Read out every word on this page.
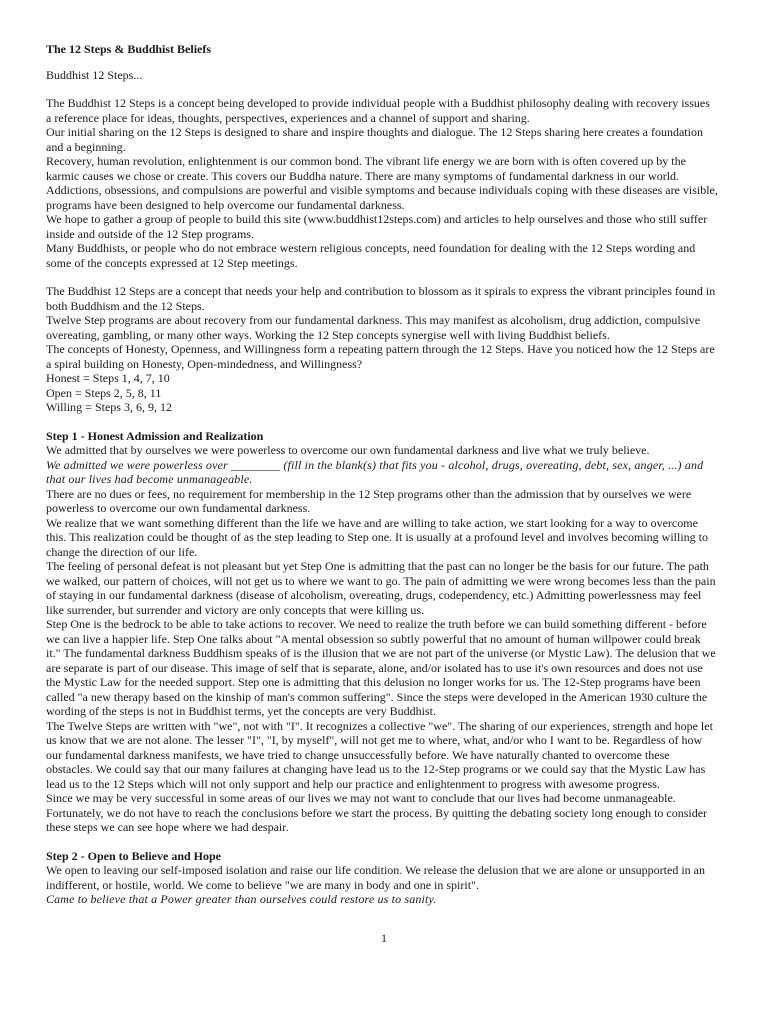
The 12 Steps & Buddhist Beliefs
Buddhist 12 Steps...

The Buddhist 12 Steps is a concept being developed to provide individual people with a Buddhist philosophy dealing with recovery issues a reference place for ideas, thoughts, perspectives, experiences and a channel of support and sharing.

Our initial sharing on the 12 Steps is designed to share and inspire thoughts and dialogue. The 12 Steps sharing here creates a foundation and a beginning.

Recovery, human revolution, enlightenment is our common bond. The vibrant life energy we are born with is often covered up by the karmic causes we chose or create. This covers our Buddha nature. There are many symptoms of fundamental darkness in our world. Addictions, obsessions, and compulsions are powerful and visible symptoms and because individuals coping with these diseases are visible, programs have been designed to help overcome our fundamental darkness.

We hope to gather a group of people to build this site (www.buddhist12steps.com) and articles to help ourselves and those who still suffer inside and outside of the 12 Step programs.

Many Buddhists, or people who do not embrace western religious concepts, need foundation for dealing with the 12 Steps wording and some of the concepts expressed at 12 Step meetings.

The Buddhist 12 Steps are a concept that needs your help and contribution to blossom as it spirals to express the vibrant principles found in both Buddhism and the 12 Steps.

Twelve Step programs are about recovery from our fundamental darkness. This may manifest as alcoholism, drug addiction, compulsive overeating, gambling, or many other ways. Working the 12 Step concepts synergise well with living Buddhist beliefs.

The concepts of Honesty, Openness, and Willingness form a repeating pattern through the 12 Steps. Have you noticed how the 12 Steps are a spiral building on Honesty, Open-mindedness, and Willingness?

Honest = Steps 1, 4, 7, 10

Open = Steps 2, 5, 8, 11

Willing = Steps 3, 6, 9, 12

Step 1 - Honest Admission and Realization

We admitted that by ourselves we were powerless to overcome our own fundamental darkness and live what we truly believe.

We admitted we were powerless over ________ (fill in the blank(s) that fits you - alcohol, drugs, overeating, debt, sex, anger, ...) and that our lives had become unmanageable.

There are no dues or fees, no requirement for membership in the 12 Step programs other than the admission that by ourselves we were powerless to overcome our own fundamental darkness.

We realize that we want something different than the life we have and are willing to take action, we start looking for a way to overcome this. This realization could be thought of as the step leading to Step one. It is usually at a profound level and involves becoming willing to change the direction of our life.

The feeling of personal defeat is not pleasant but yet Step One is admitting that the past can no longer be the basis for our future. The path we walked, our pattern of choices, will not get us to where we want to go. The pain of admitting we were wrong becomes less than the pain of staying in our fundamental darkness (disease of alcoholism, overeating, drugs, codependency, etc.) Admitting powerlessness may feel like surrender, but surrender and victory are only concepts that were killing us.

Step One is the bedrock to be able to take actions to recover. We need to realize the truth before we can build something different - before we can live a happier life. Step One talks about "A mental obsession so subtly powerful that no amount of human willpower could break it." The fundamental darkness Buddhism speaks of is the illusion that we are not part of the universe (or Mystic Law). The delusion that we are separate is part of our disease. This image of self that is separate, alone, and/or isolated has to use it's own resources and does not use the Mystic Law for the needed support. Step one is admitting that this delusion no longer works for us. The 12-Step programs have been called "a new therapy based on the kinship of man's common suffering". Since the steps were developed in the American 1930 culture the wording of the steps is not in Buddhist terms, yet the concepts are very Buddhist.

The Twelve Steps are written with "we", not with "I". It recognizes a collective "we". The sharing of our experiences, strength and hope let us know that we are not alone. The lesser "I", "I, by myself", will not get me to where, what, and/or who I want to be. Regardless of how our fundamental darkness manifests, we have tried to change unsuccessfully before. We have naturally chanted to overcome these obstacles. We could say that our many failures at changing have lead us to the 12-Step programs or we could say that the Mystic Law has lead us to the 12 Steps which will not only support and help our practice and enlightenment to progress with awesome progress.

Since we may be very successful in some areas of our lives we may not want to conclude that our lives had become unmanageable. Fortunately, we do not have to reach the conclusions before we start the process. By quitting the debating society long enough to consider these steps we can see hope where we had despair.

Step 2 - Open to Believe and Hope

We open to leaving our self-imposed isolation and raise our life condition. We release the delusion that we are alone or unsupported in an indifferent, or hostile, world. We come to believe "we are many in body and one in spirit".

Came to believe that a Power greater than ourselves could restore us to sanity.

1
